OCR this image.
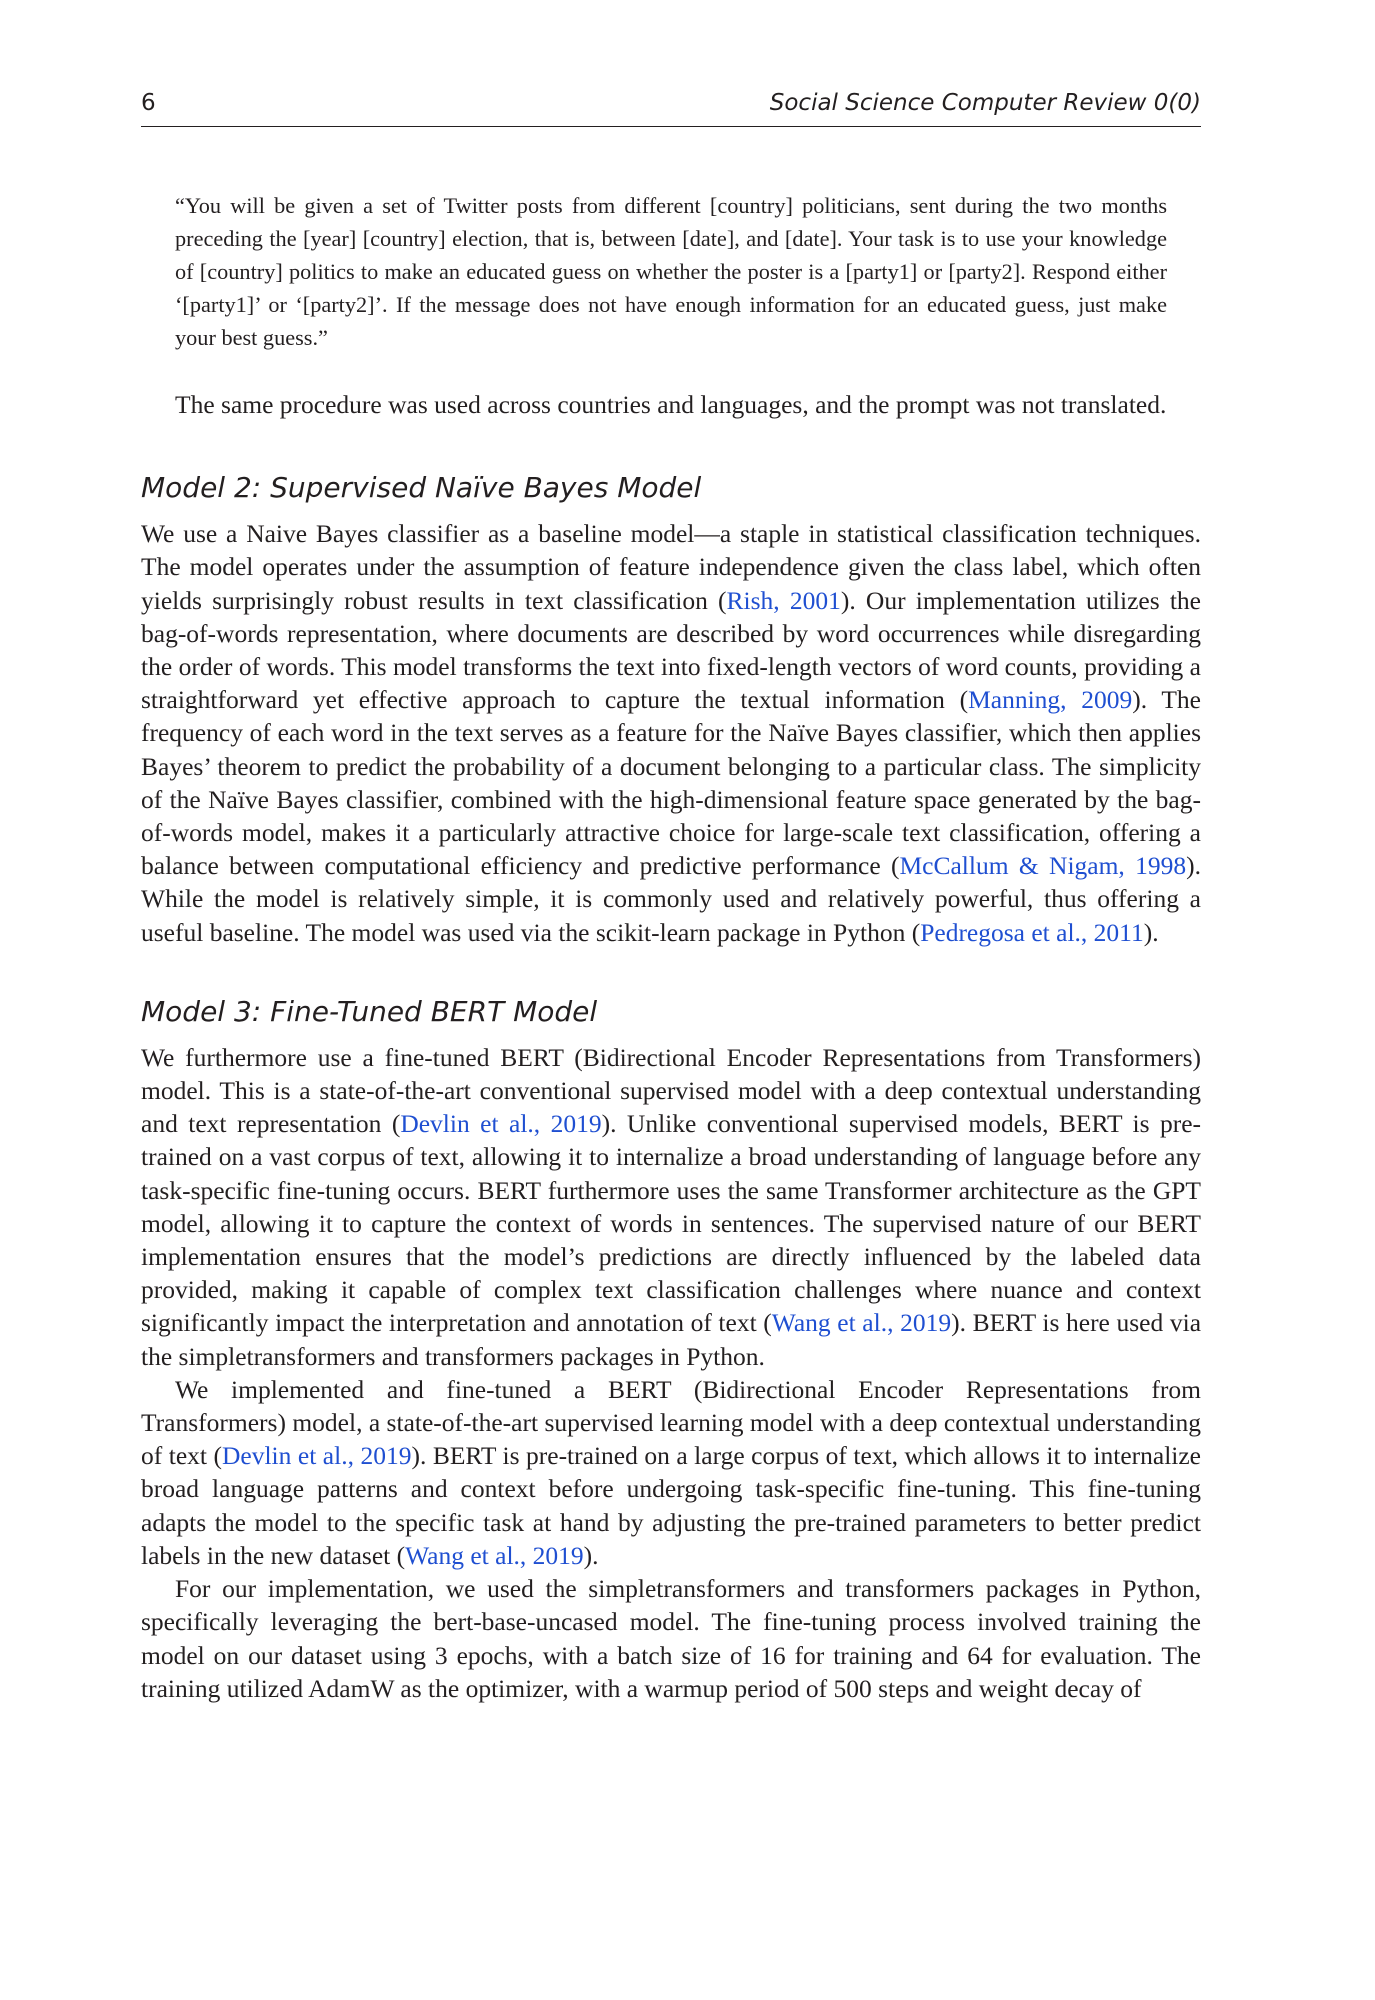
6	Social Science Computer Review 0(0)

“You will be given a set of Twitter posts from different [country] politicians, sent during the two months preceding the [year] [country] election, that is, between [date], and [date]. Your task is to use your knowledge of [country] politics to make an educated guess on whether the poster is a [party1] or [party2]. Respond either ‘[party1]’ or ‘[party2]’. If the message does not have enough information for an educated guess, just make your best guess.”

The same procedure was used across countries and languages, and the prompt was not translated.

Model 2: Supervised Naïve Bayes Model

We use a Naive Bayes classifier as a baseline model—a staple in statistical classification techniques. The model operates under the assumption of feature independence given the class label, which often yields surprisingly robust results in text classification (Rish, 2001). Our implementation utilizes the bag-of-words representation, where documents are described by word occurrences while disregarding the order of words. This model transforms the text into fixed-length vectors of word counts, providing a straightforward yet effective approach to capture the textual information (Manning, 2009). The frequency of each word in the text serves as a feature for the Naïve Bayes classifier, which then applies Bayes’ theorem to predict the probability of a document belonging to a particular class. The simplicity of the Naïve Bayes classifier, combined with the high-dimensional feature space generated by the bag-of-words model, makes it a particularly attractive choice for large-scale text classification, offering a balance between computational efficiency and predictive performance (McCallum & Nigam, 1998). While the model is relatively simple, it is commonly used and relatively powerful, thus offering a useful baseline. The model was used via the scikit-learn package in Python (Pedregosa et al., 2011).

Model 3: Fine-Tuned BERT Model

We furthermore use a fine-tuned BERT (Bidirectional Encoder Representations from Transformers) model. This is a state-of-the-art conventional supervised model with a deep contextual understanding and text representation (Devlin et al., 2019). Unlike conventional supervised models, BERT is pre-trained on a vast corpus of text, allowing it to internalize a broad understanding of language before any task-specific fine-tuning occurs. BERT furthermore uses the same Transformer architecture as the GPT model, allowing it to capture the context of words in sentences. The supervised nature of our BERT implementation ensures that the model’s predictions are directly influenced by the labeled data provided, making it capable of complex text classification challenges where nuance and context significantly impact the interpretation and annotation of text (Wang et al., 2019). BERT is here used via the simpletransformers and transformers packages in Python.

We implemented and fine-tuned a BERT (Bidirectional Encoder Representations from Transformers) model, a state-of-the-art supervised learning model with a deep contextual understanding of text (Devlin et al., 2019). BERT is pre-trained on a large corpus of text, which allows it to internalize broad language patterns and context before undergoing task-specific fine-tuning. This fine-tuning adapts the model to the specific task at hand by adjusting the pre-trained parameters to better predict labels in the new dataset (Wang et al., 2019).

For our implementation, we used the simpletransformers and transformers packages in Python, specifically leveraging the bert-base-uncased model. The fine-tuning process involved training the model on our dataset using 3 epochs, with a batch size of 16 for training and 64 for evaluation. The training utilized AdamW as the optimizer, with a warmup period of 500 steps and weight decay of
